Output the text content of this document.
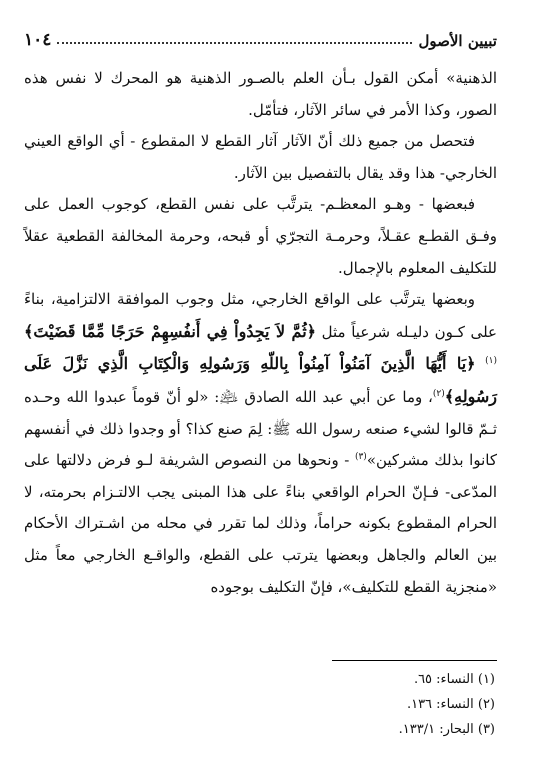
تبيين الأصول
١٠٤

الذهنية» أمكن القول بـأن العلم بالصـور الذهنية هو المحرك لا نفس هذه الصور، وكذا الأمر في سائر الآثار، فتأمّل.

فتحصل من جميع ذلك أنّ الآثار آثار القطع لا المقطوع - أي الواقع العيني الخارجي- هذا وقد يقال بالتفصيل بين الآثار.

فبعضها - وهـو المعظـم- يترتَّب على نفس القطع، كوجوب العمل على وفـق القطـع عقـلاً، وحرمـة التجرّي أو قبحه، وحرمة المخالفة القطعية عقلاً للتكليف المعلوم بالإجمال.

وبعضها يترتَّب على الواقع الخارجي، مثل وجوب الموافقة الالتزامية، بناءً على كـون دليـله شرعياً مثل ﴿ثُمَّ لاَ يَجِدُواْ فِي أَنفُسِهِمْ حَرَجًا مِّمَّا قَضَيْتَ﴾$^{(١)}$ ﴿يَا أَيُّهَا الَّذِينَ آمَنُواْ آمِنُواْ بِاللّهِ وَرَسُولِهِ وَالْكِتَابِ الَّذِي نَزَّلَ عَلَى رَسُولِهِ﴾$^{(٢)}$، وما عن أبي عبد الله الصادق ﵇: «لو أنّ قوماً عبدوا الله وحـده ثـمّ قالوا لشيء صنعه رسول الله ﷺ: لِمَ صنع كذا؟ أو وجدوا ذلك في أنفسهم كانوا بذلك مشركين»$^{(٣)}$ - ونحوها من النصوص الشريفة لـو فرض دلالتها على المدّعى- فـإنّ الحرام الواقعي بناءً على هذا المبنى يجب الالتـزام بحرمته، لا الحرام المقطوع بكونه حراماً، وذلك لما تقرر في محله من اشـتراك الأحكام بين العالم والجاهل وبعضها يترتب على القطع، والواقـع الخارجي معاً مثل «منجزية القطع للتكليف»، فإنّ التكليف بوجوده

(١) النساء: ٦٥.
(٢) النساء: ١٣٦.
(٣) البحار: ١٣٣/١.
